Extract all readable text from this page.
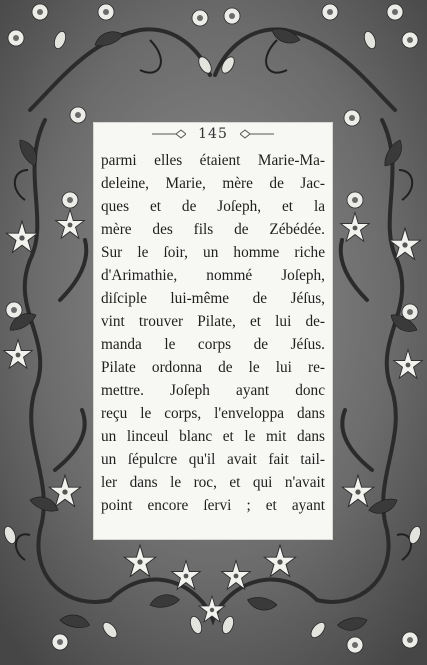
145
parmi elles étaient Marie-Ma-
deleine, Marie, mère de Jac-
ques et de Joſeph, et la
mère des fils de Zébédée.
Sur le ſoir, un homme riche
d'Arimathie, nommé Joſeph,
diſciple lui-même de Jéſus,
vint trouver Pilate, et lui de-
manda le corps de Jéſus.
Pilate ordonna de le lui re-
mettre. Joſeph ayant donc
reçu le corps, l'enveloppa dans
un linceul blanc et le mit dans
un ſépulcre qu'il avait fait tail-
ler dans le roc, et qui n'avait
point encore ſervi ; et ayant
